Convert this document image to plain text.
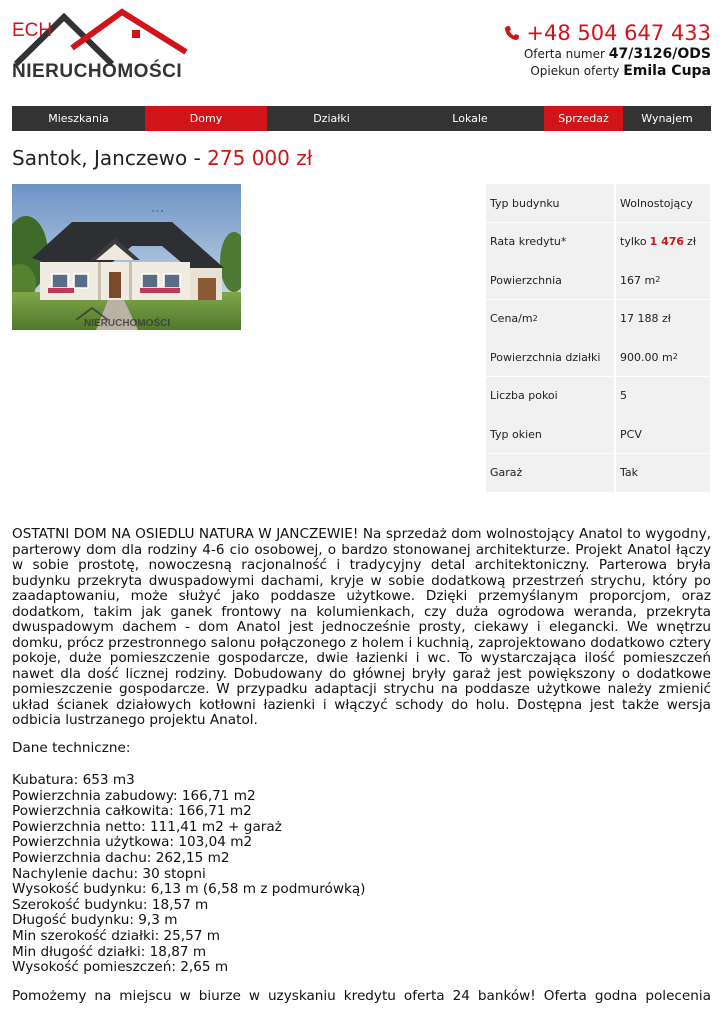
ECH
NIERUCHOMOŚCI
+48 504 647 433
Oferta numer 47/3126/ODS
Opiekun oferty Emila Cupa
Mieszkania	Domy	Działki	Lokale	Sprzedaż	Wynajem
Santok, Janczewo - 275 000 zł
ᵛ ᵛ ᵛ
NIERUCHOMOŚCI
Typ budynku	Wolnostojący
Rata kredytu*	tylko 1 476 zł
Powierzchnia	167 m 2
Cena/m 2	17 188 zł
Powierzchnia działki	900.00 m 2
Liczba pokoi	5
Typ okien	PCV
Garaż	Tak

OSTATNI DOM NA OSIEDLU NATURA W JANCZEWIE! Na sprzedaż dom wolnostojący Anatol to wygodny, parterowy dom dla rodziny 4-6 cio osobowej, o bardzo stonowanej architekturze. Projekt Anatol łączy w sobie prostotę, nowoczesną racjonalność i tradycyjny detal architektoniczny. Parterowa bryła budynku przekryta dwuspadowymi dachami, kryje w sobie dodatkową przestrzeń strychu, który po zaadaptowaniu, może służyć jako poddasze użytkowe. Dzięki przemyślanym proporcjom, oraz dodatkom, takim jak ganek frontowy na kolumienkach, czy duża ogrodowa weranda, przekryta dwuspadowym dachem - dom Anatol jest jednocześnie prosty, ciekawy i elegancki. We wnętrzu domku, prócz przestronnego salonu połączonego z holem i kuchnią, zaprojektowano dodatkowo cztery pokoje, duże pomieszczenie gospodarcze, dwie łazienki i wc. To wystarczająca ilość pomieszczeń nawet dla dość licznej rodziny. Dobudowany do głównej bryły garaż jest powiększony o dodatkowe pomieszczenie gospodarcze. W przypadku adaptacji strychu na poddasze użytkowe należy zmienić układ ścianek działowych kotłowni łazienki i włączyć schody do holu. Dostępna jest także wersja odbicia lustrzanego projektu Anatol.

Dane techniczne:
Kubatura: 653 m3
Powierzchnia zabudowy: 166,71 m2
Powierzchnia całkowita: 166,71 m2
Powierzchnia netto: 111,41 m2 + garaż
Powierzchnia użytkowa: 103,04 m2
Powierzchnia dachu: 262,15 m2
Nachylenie dachu: 30 stopni
Wysokość budynku: 6,13 m (6,58 m z podmurówką)
Szerokość budynku: 18,57 m
Długość budynku: 9,3 m
Min szerokość działki: 25,57 m
Min długość działki: 18,87 m
Wysokość pomieszczeń: 2,65 m
Pomożemy na miejscu w biurze w uzyskaniu kredytu oferta 24 banków! Oferta godna polecenia
